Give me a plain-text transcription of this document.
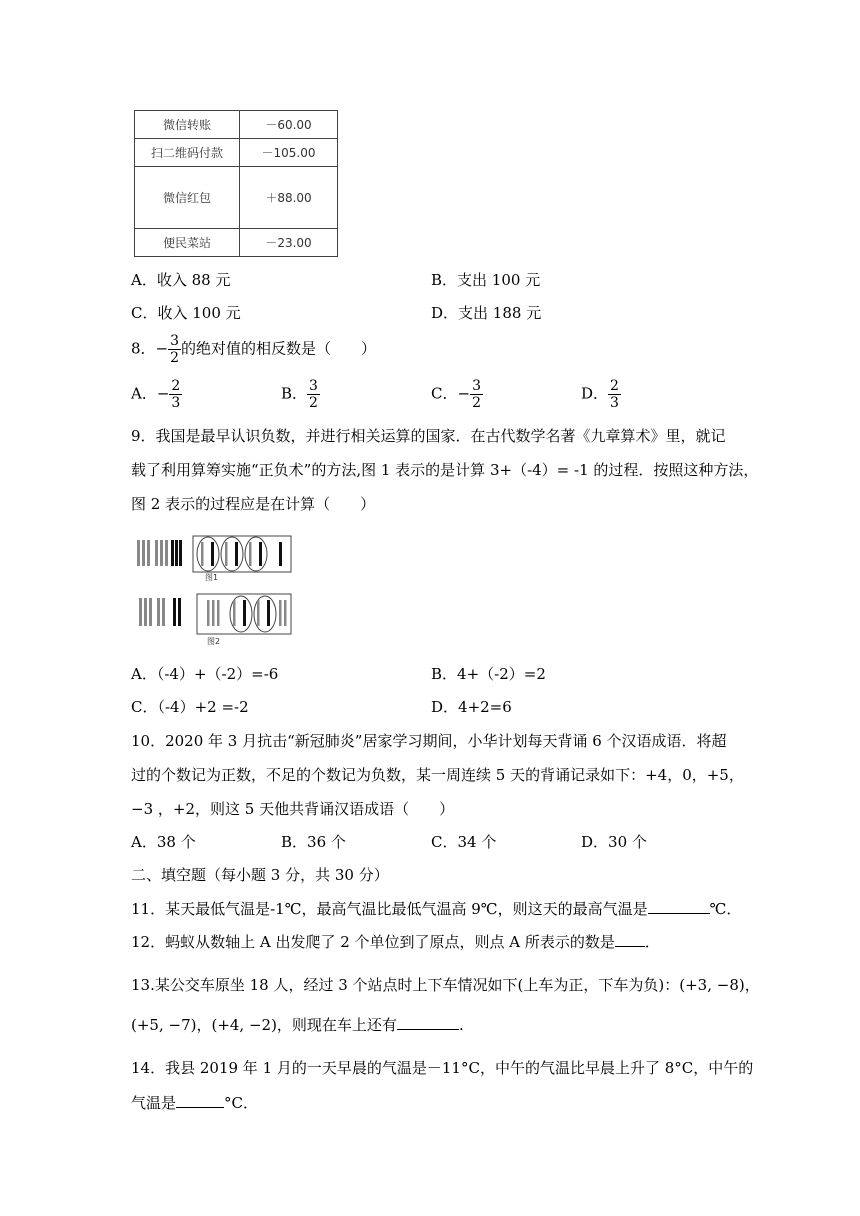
微信转账	－60.00
扫二维码付款	－105.00
微信红包	＋88.00
便民菜站	－23.00
A．收入 88 元	B．支出 100 元
C．收入 100 元	D．支出 188 元
8．− $\frac{3}{2}$ 的绝对值的相反数是（　　）
A．− $\frac{2}{3}$	B． $\frac{3}{2}$	C．− $\frac{3}{2}$	D． $\frac{2}{3}$
9．我国是最早认识负数，并进行相关运算的国家．在古代数学名著《九章算术》里，就记
载了利用算筹实施“正负术”的方法,图 1 表示的是计算 3+（-4）= -1 的过程．按照这种方法，
图 2 表示的过程应是在计算（　　）
图1
图2
A．（-4）+（-2）=-6	B．4+（-2）=2
C．（-4）+2 =-2	D．4+2=6
10．2020 年 3 月抗击“新冠肺炎”居家学习期间，小华计划每天背诵 6 个汉语成语．将超
过的个数记为正数，不足的个数记为负数，某一周连续 5 天的背诵记录如下：+4，0，+5，
−3 ，+2，则这 5 天他共背诵汉语成语（　　）
A．38 个	B．36 个	C．34 个	D．30 个
二、填空题（每小题 3 分，共 30 分）
11．某天最低气温是-1℃，最高气温比最低气温高 9℃，则这天的最高气温是	℃．
12．蚂蚁从数轴上 A 出发爬了 2 个单位到了原点，则点 A 所表示的数是 ．
13.某公交车原坐 18 人，经过 3 个站点时上下车情况如下(上车为正，下车为负)：(+3, −8)，
(+5, −7)，(+4, −2)，则现在车上还有	.
14．我县 2019 年 1 月的一天早晨的气温是－11°C，中午的气温比早晨上升了 8°C，中午的
气温是	°C．
